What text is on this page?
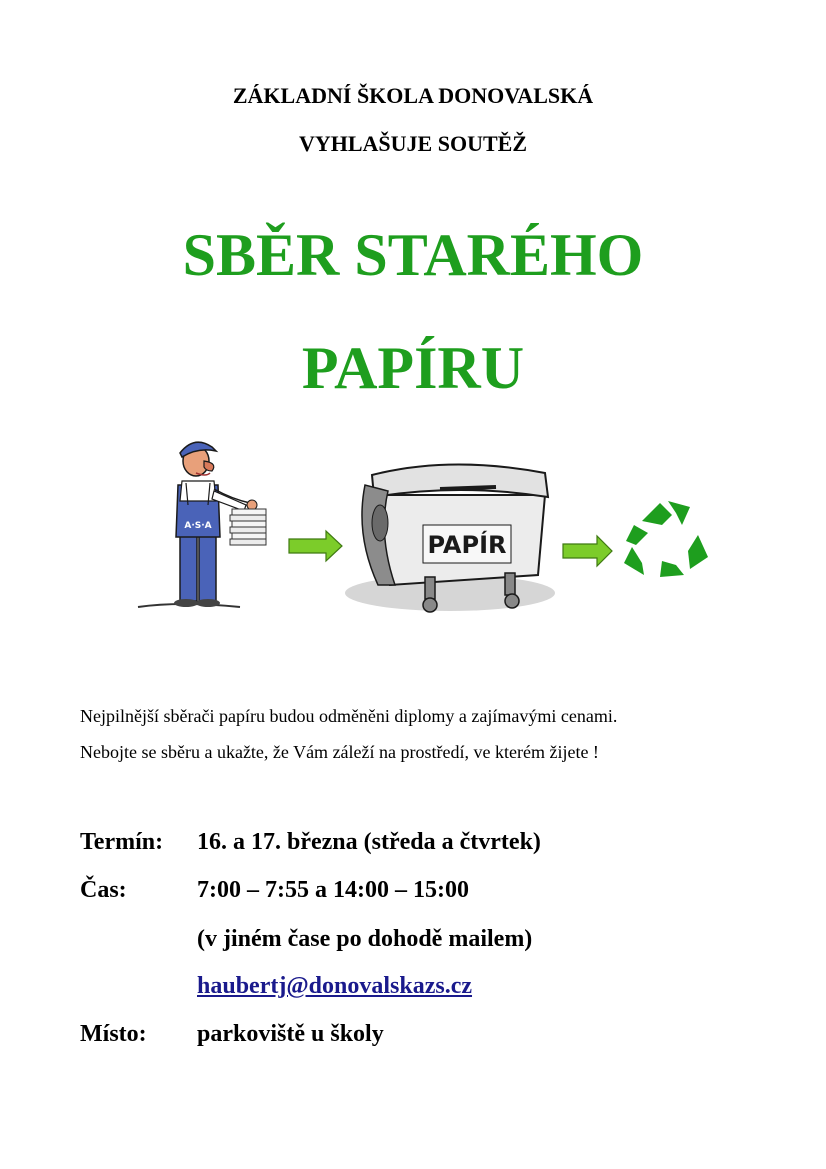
ZÁKLADNÍ ŠKOLA DONOVALSKÁ
VYHLAŠUJE SOUTĚŽ
SBĚR STARÉHO
PAPÍRU
A·S·A
PAPÍR
Nejpilnější sběrači papíru budou odměněni diplomy a zajímavými cenami.
Nebojte se sběru a ukažte, že Vám záleží na prostředí, ve kterém žijete !
Termín: 16. a 17. března (středa a čtvrtek)
Čas:	7:00 – 7:55 a 14:00 – 15:00
(v jiném čase po dohodě mailem)
haubertj@donovalskazs.cz
Místo: parkoviště u školy
